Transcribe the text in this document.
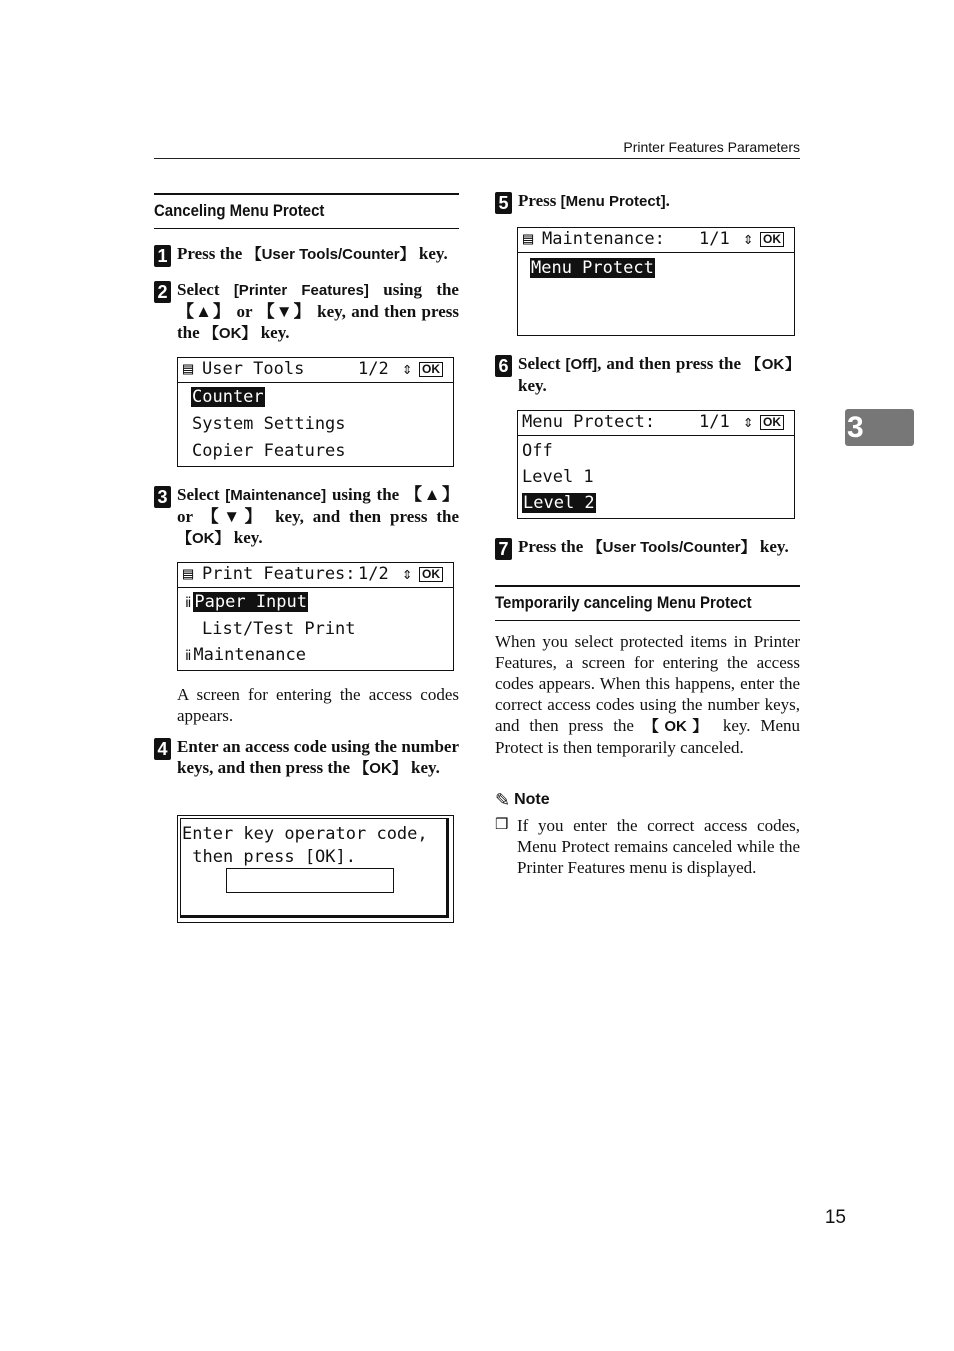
Printer Features Parameters
Canceling Menu Protect
1 Press the 【User Tools/Counter】 key.
2 Select [Printer Features] using the 【▲】 or 【▼】 key, and then press the 【OK】 key.
▤ User Tools	1/2 ⇕ OK
Counter
System Settings
Copier Features
3 Select [Maintenance] using the 【▲】 or 【▼】 key, and then press the 【OK】 key.
▤ Print Features: 1/2 ⇕ OK
ⅱ Paper Input
List/Test Print
ⅱ Maintenance
A screen for entering the access codes appears.
4 Enter an access code using the number keys, and then press the 【OK】 key.
Enter key operator code,
then press [OK].
5 Press [Menu Protect].
▤ Maintenance: 1/1 ⇕ OK
Menu Protect
6 Select [Off], and then press the 【OK】 key.
Menu Protect:	1/1 ⇕ OK
Off
Level 1
Level 2
7 Press the 【User Tools/Counter】 key.
Temporarily canceling Menu Protect
When you select protected items in Printer Features, a screen for entering the access codes appears. When this happens, enter the correct access codes using the number keys, and then press the 【OK】 key. Menu Protect is then temporarily canceled.
✎ Note
❒ If you enter the correct access codes, Menu Protect remains canceled while the Printer Features menu is displayed.
3
15
